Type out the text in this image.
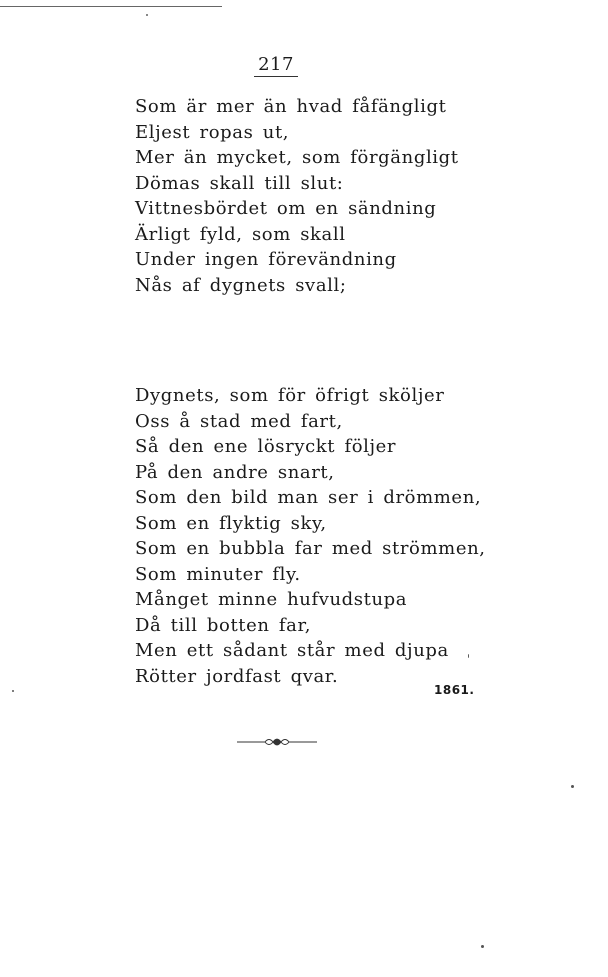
217
Som är mer än hvad fåfängligt
Eljest ropas ut,
Mer än mycket, som förgängligt
Dömas skall till slut:
Vittnesbördet om en sändning
Ärligt fyld, som skall
Under ingen förevändning
Nås af dygnets svall;
Dygnets, som för öfrigt sköljer
Oss å stad med fart,
Så den ene lösryckt följer
På den andre snart,
Som den bild man ser i drömmen,
Som en flyktig sky,
Som en bubbla far med strömmen,
Som minuter fly.
Månget minne hufvudstupa
Då till botten far,
Men ett sådant står med djupa
Rötter jordfast qvar.
1861.
